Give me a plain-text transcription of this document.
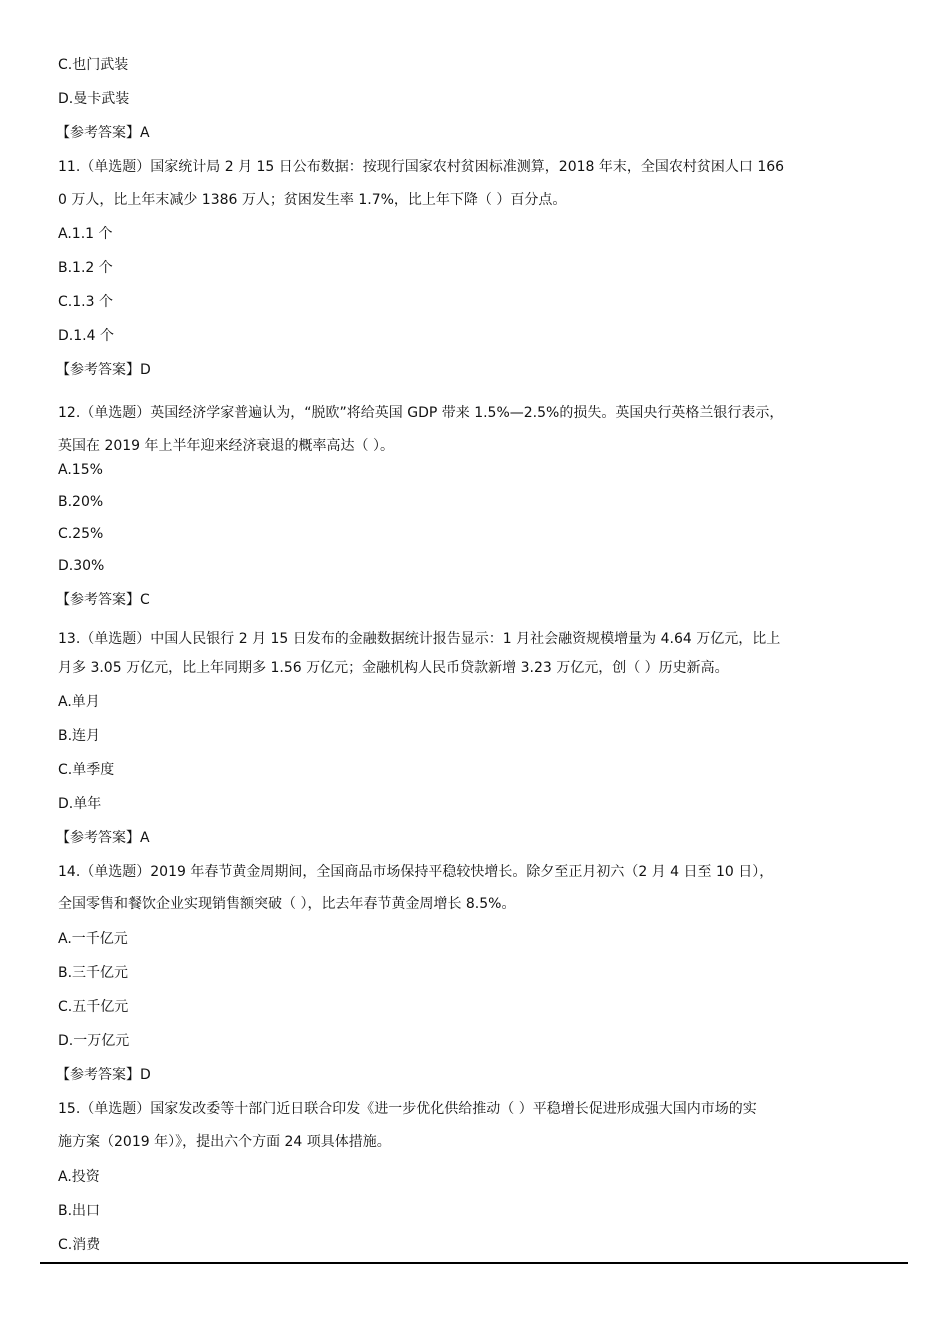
C.也门武装
D.曼卡武装
【参考答案】A
11.（单选题）国家统计局 2 月 15 日公布数据：按现行国家农村贫困标准测算，2018 年末，全国农村贫困人口 166
0 万人，比上年末减少 1386 万人；贫困发生率 1.7%，比上年下降（ ）百分点。
A.1.1 个
B.1.2 个
C.1.3 个
D.1.4 个
【参考答案】D
12.（单选题）英国经济学家普遍认为，“脱欧”将给英国 GDP 带来 1.5%—2.5%的损失。英国央行英格兰银行表示，
英国在 2019 年上半年迎来经济衰退的概率高达（ ）。
A.15%
B.20%
C.25%
D.30%
【参考答案】C
13.（单选题）中国人民银行 2 月 15 日发布的金融数据统计报告显示：1 月社会融资规模增量为 4.64 万亿元，比上
月多 3.05 万亿元，比上年同期多 1.56 万亿元；金融机构人民币贷款新增 3.23 万亿元，创（ ）历史新高。
A.单月
B.连月
C.单季度
D.单年
【参考答案】A
14.（单选题）2019 年春节黄金周期间，全国商品市场保持平稳较快增长。除夕至正月初六（2 月 4 日至 10 日），
全国零售和餐饮企业实现销售额突破（ ），比去年春节黄金周增长 8.5%。
A.一千亿元
B.三千亿元
C.五千亿元
D.一万亿元
【参考答案】D
15.（单选题）国家发改委等十部门近日联合印发《进一步优化供给推动（ ）平稳增长促进形成强大国内市场的实
施方案（2019 年）》，提出六个方面 24 项具体措施。
A.投资
B.出口
C.消费
